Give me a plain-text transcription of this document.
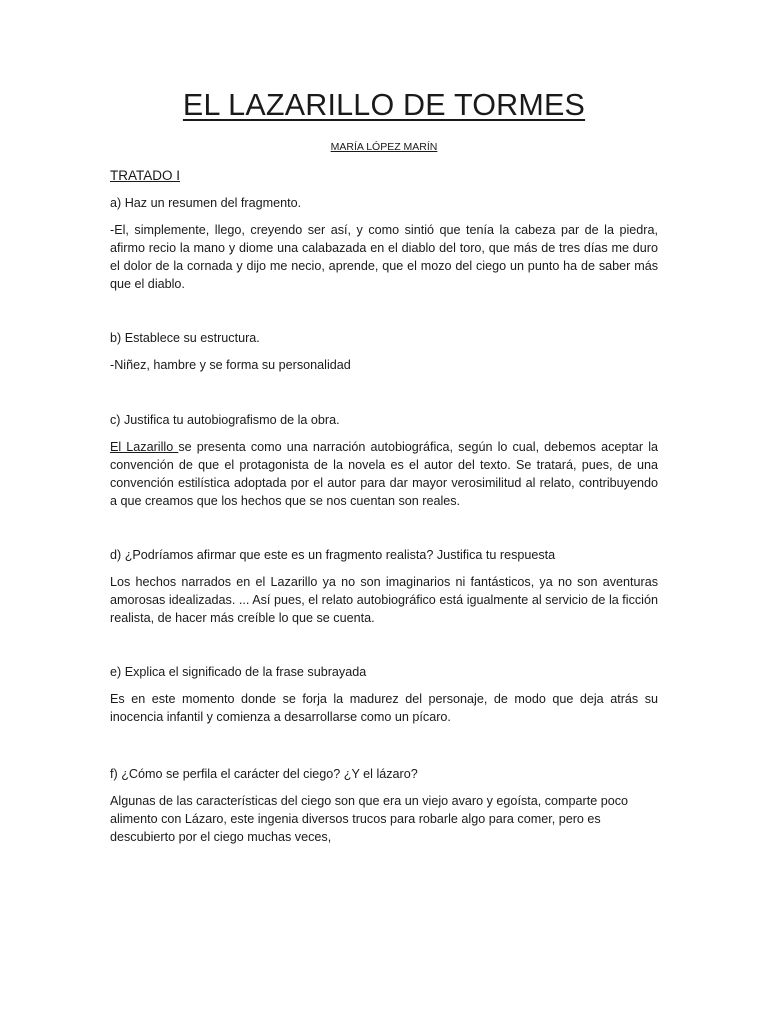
EL LAZARILLO DE TORMES
MARÍA LÓPEZ MARÍN
TRATADO I
a) Haz un resumen del fragmento.
-El, simplemente, llego, creyendo ser así, y como sintió que tenía la cabeza par de la piedra, afirmo recio la mano y diome una calabazada en el diablo del toro, que más de tres días me duro el dolor de la cornada y dijo me necio, aprende, que el mozo del ciego un punto ha de saber más que el diablo.
b) Establece su estructura.
-Niñez, hambre y se forma su personalidad
c) Justifica tu autobiografismo de la obra.
El Lazarillo se presenta como una narración autobiográfica, según lo cual, debemos aceptar la convención de que el protagonista de la novela es el autor del texto. Se tratará, pues, de una convención estilística adoptada por el autor para dar mayor verosimilitud al relato, contribuyendo a que creamos que los hechos que se nos cuentan son reales.
d) ¿Podríamos afirmar que este es un fragmento realista? Justifica tu respuesta
Los hechos narrados en el Lazarillo ya no son imaginarios ni fantásticos, ya no son aventuras amorosas idealizadas. ... Así pues, el relato autobiográfico está igualmente al servicio de la ficción realista, de hacer más creíble lo que se cuenta.
e) Explica el significado de la frase subrayada
Es en este momento donde se forja la madurez del personaje, de modo que deja atrás su inocencia infantil y comienza a desarrollarse como un pícaro.
f) ¿Cómo se perfila el carácter del ciego? ¿Y el lázaro?
Algunas de las características del ciego son que era un viejo avaro y egoísta, comparte poco alimento con Lázaro, este ingenia diversos trucos para robarle algo para comer, pero es descubierto por el ciego muchas veces,
